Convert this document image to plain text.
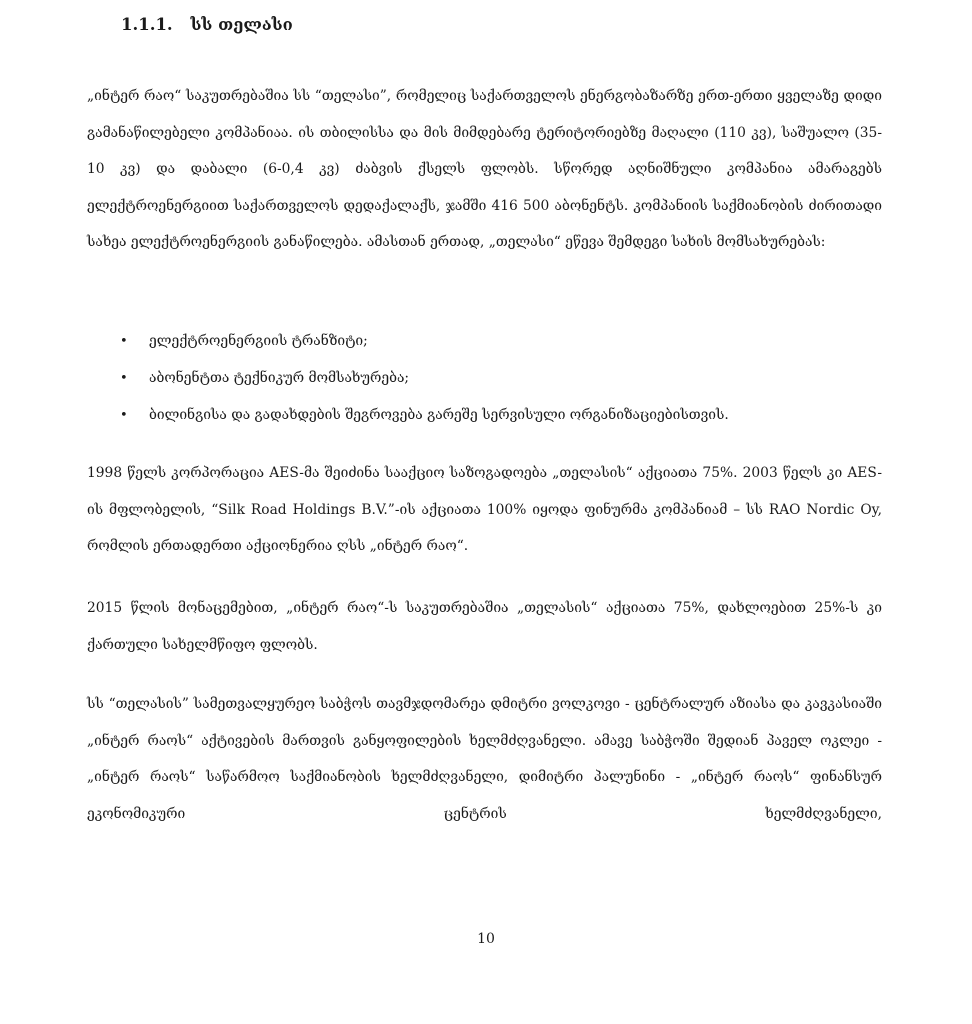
1.1.1. სს თელასი

„ინტერ რაო“ საკუთრებაშია სს “თელასი”, რომელიც საქართველოს ენერგობაზარზე ერთ-ერთი ყველაზე დიდი გამანაწილებელი კომპანიაა. ის თბილისსა და მის მიმდებარე ტერიტორიებზე მაღალი (110 კვ), საშუალო (35-10 კვ) და დაბალი (6-0,4 კვ) ძაბვის ქსელს ფლობს. სწორედ აღნიშნული კომპანია ამარაგებს ელექტროენერგიით საქართველოს დედაქალაქს, ჯამში 416 500 აბონენტს. კომპანიის საქმიანობის ძირითადი სახეა ელექტროენერგიის განაწილება. ამასთან ერთად, „თელასი“ ეწევა შემდეგი სახის მომსახურებას:

• ელექტროენერგიის ტრანზიტი;
• აბონენტთა ტექნიკურ მომსახურება;
• ბილინგისა და გადახდების შეგროვება გარეშე სერვისული ორგანიზაციებისთვის.

1998 წელს კორპორაცია AES-მა შეიძინა სააქციო საზოგადოება „თელასის“ აქციათა 75%. 2003 წელს კი AES-ის მფლობელის, “Silk Road Holdings B.V.”-ის აქციათა 100% იყოდა ფინურმა კომპანიამ – სს RAO Nordic Oy, რომლის ერთადერთი აქციონერია ღსს „ინტერ რაო“.

2015 წლის მონაცემებით, „ინტერ რაო“-ს საკუთრებაშია „თელასის“ აქციათა 75%, დახლოებით 25%-ს კი ქართული სახელმწიფო ფლობს.

სს “თელასის” სამეთვალყურეო საბჭოს თავმჯდომარეა დმიტრი ვოლკოვი - ცენტრალურ აზიასა და კავკასიაში „ინტერ რაოს“ აქტივების მართვის განყოფილების ხელმძღვანელი. ამავე საბჭოში შედიან პაველ ოკლეი - „ინტერ რაოს“ საწარმოო საქმიანობის ხელმძღვანელი, დიმიტრი პალუნინი - „ინტერ რაოს“ ფინანსურ ეკონომიკური ცენტრის ხელმძღვანელი,

10
